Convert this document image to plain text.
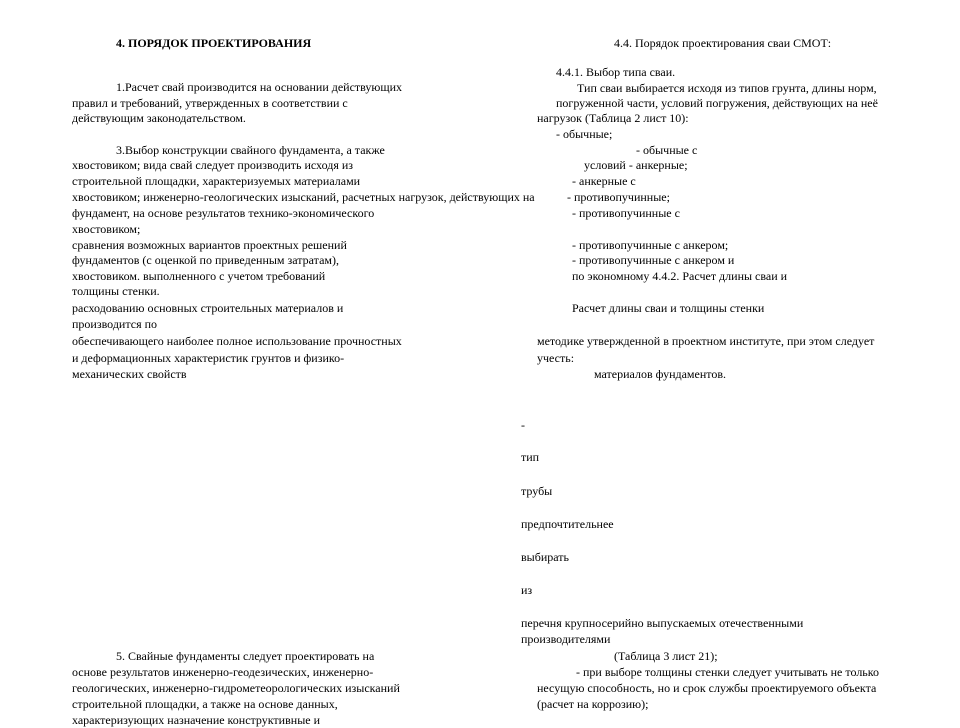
4. ПОРЯДОК ПРОЕКТИРОВАНИЯ

1.Расчет свай производится на основании действующих

правил и требований, утвержденных в соответствии с

действующим законодательством.

3.Выбор конструкции свайного фундамента, а также

хвостовиком; вида свай следует производить исходя из

строительной площадки, характеризуемых материалами

хвостовиком; инженерно-геологических изысканий, расчетных нагрузок, действующих на

фундамент, на основе результатов технико-экономического

хвостовиком;

сравнения возможных вариантов проектных решений

фундаментов (с оценкой по приведенным затратам),

хвостовиком. выполненного с учетом требований

толщины стенки.

расходованию основных строительных материалов и

производится по

обеспечивающего наиболее полное использование прочностных

и деформационных характеристик грунтов и физико-

механических свойств

5. Свайные фундаменты следует проектировать на

основе результатов инженерно-геодезических, инженерно-

геологических, инженерно-гидрометеорологических изысканий

строительной площадки, а также на основе данных,

характеризующих назначение конструктивные и

4.4. Порядок проектирования сваи СМОТ:

4.4.1. Выбор типа сваи.

Тип сваи выбирается исходя из типов грунта, длины норм,

погруженной части, условий погружения, действующих на неё

нагрузок (Таблица 2 лист 10):

- обычные;

- обычные с

условий - анкерные;

- анкерные с

- противопучинные;

- противопучинные с

- противопучинные с анкером;

- противопучинные с анкером и

по экономному 4.4.2. Расчет длины сваи и

Расчет длины сваи и толщины стенки

методике утвержденной в проектном институте, при этом следует

учесть:

материалов фундаментов.

-

тип

трубы

предпочтительнее

выбирать

из

перечня крупносерийно выпускаемых отечественными

производителями

(Таблица 3 лист 21);

- при выборе толщины стенки следует учитывать не только

несущую способность, но и срок службы проектируемого объекта

(расчет на коррозию);
